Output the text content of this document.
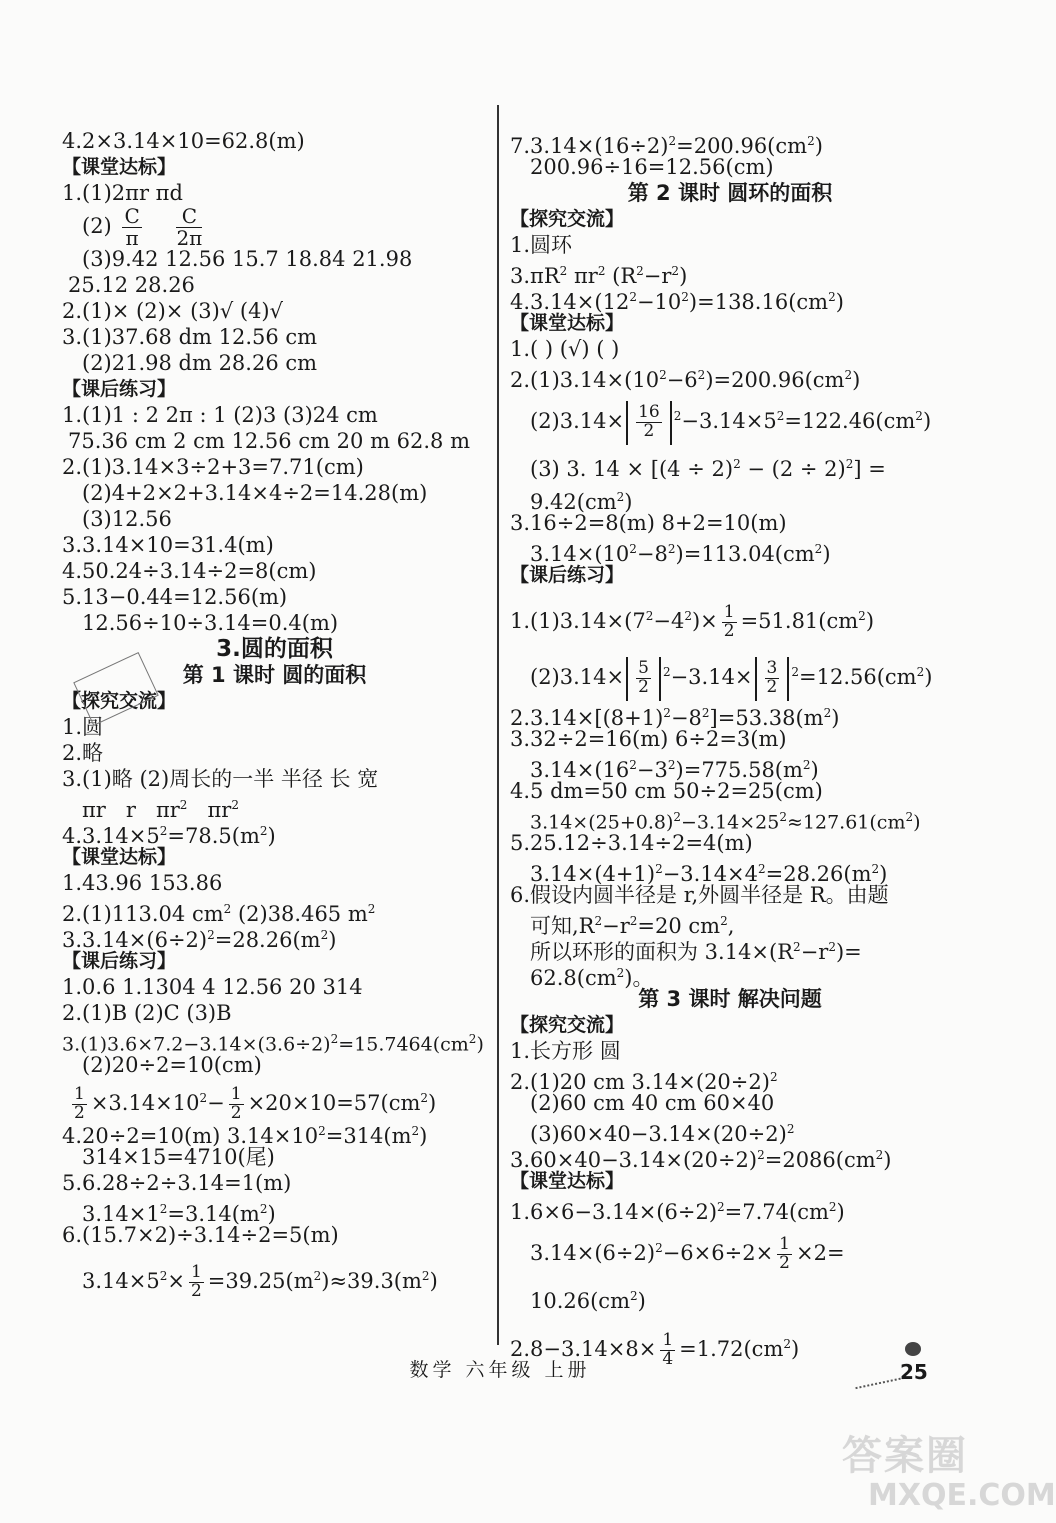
4.2×3.14×10=62.8(m)
【课堂达标】
1.(1)2πr πd
$(2) \frac{C}{\pi}$
$\frac{C}{2\pi}$
(3)9.42 12.56 15.7 18.84 21.98
25.12 28.26
2.(1)× (2)× (3)√ (4)√
3.(1)37.68 dm 12.56 cm
(2)21.98 dm 28.26 cm
【课后练习】
1.(1)1 : 2 2π : 1 (2)3 (3)24 cm
75.36 cm 2 cm 12.56 cm 20 m 62.8 m
2.(1)3.14×3÷2+3=7.71(cm)
(2)4+2×2+3.14×4÷2=14.28(m)
(3)12.56
3.3.14×10=31.4(m)
4.50.24÷3.14÷2=8(cm)
5.13−0.44=12.56(m)
12.56÷10÷3.14=0.4(m)
3.圆的面积
第 1 课时 圆的面积
【探究交流】
1.圆
2.略
3.(1)略 (2)周长的一半 半径 长 宽
πr r $\pi r^2$ $\pi r^2$
$4.3.14\times 5^2=78.5(m^2)$
【课堂达标】
1.43.96 153.86
2.(1)113.04 $cm^2$ (2)38.465 $m^2$
$3.3.14\times(6\div 2)^2=28.26(m^2)$
【课后练习】
1.0.6 1.1304 4 12.56 20 314
2.(1)B (2)C (3)B
$3.(1)3.6\times 7.2-3.14\times(3.6\div 2)^2=15.7464(cm^2)$
(2)20÷2=10(cm)
$\frac{1}{2} \times 3.14\times 10^2- \frac{1}{2} \times 20\times 10=57(cm^2)$
4.20÷2=10(m) $3.14\times 10^2=314(m^2)$
314×15=4710(尾)
5.6.28÷2÷3.14=1(m)
$3.14\times 1^2=3.14(m^2)$
6.(15.7×2)÷3.14÷2=5(m)
$3.14\times 5^2\times \frac{1}{2} =39.25(m^2)\approx 39.3(m^2)$
$7.3.14\times(16\div 2)^2=200.96(cm^2)$
200.96÷16=12.56(cm)
第 2 课时 圆环的面积
【探究交流】
1.圆环
$3.\pi R^2$ $\pi r^2$ $(R^2-r^2)$
$4.3.14\times(12^2-10^2)=138.16(cm^2)$
【课堂达标】
1.( ) (√) ( )
$2.(1)3.14\times(10^2-6^2)=200.96(cm^2)$
$(2)3.14\times \frac{16}{2} ^2-3.14\times 5^2=122.46(cm^2)$
(3) 3. $14 \times [(4 \div 2)^2 - (2 \div 2)^2]$ =
$9.42(cm^2)$
3.16÷2=8(m) 8+2=10(m)
$3.14\times(10^2-8^2)=113.04(cm^2)$
【课后练习】
$1.(1)3.14\times(7^2-4^2)\times \frac{1}{2} =51.81(cm^2)$
$(2)3.14\times \frac{5}{2} ^2-3.14\times \frac{3}{2} ^2=12.56(cm^2)$
$2.3.14\times[(8+1)^2-8^2]=53.38(m^2)$
3.32÷2=16(m) 6÷2=3(m)
$3.14\times(16^2-3^2)=775.58(m^2)$
4.5 dm=50 cm 50÷2=25(cm)
$3.14\times(25+0.8)^2-3.14\times 25^2\approx 127.61(cm^2)$
5.25.12÷3.14÷2=4(m)
$3.14\times(4+1)^2-3.14\times 4^2=28.26(m^2)$
6.假设内圆半径是 r,外圆半径是 R。由题
可知$,R^2-r^2=20$ $cm^2$,
所以环形的面积为 $3.14\times(R^2-r^2)=$
$62.8(cm^2)$。
第 3 课时 解决问题
【探究交流】
1.长方形 圆
2.(1)20 cm $3.14\times(20\div 2)^2$
(2)60 cm 40 cm 60×40
$(3)60\times 40-3.14\times(20\div 2)^2$
$3.60\times 40-3.14\times(20\div 2)^2=2086(cm^2)$
【课堂达标】
$1.6\times 6-3.14\times(6\div 2)^2=7.74(cm^2)$
$3.14\times(6\div 2)^2-6\times 6\div 2\times \frac{1}{2} \times 2=$
$10.26(cm^2)$
$2.8-3.14\times 8\times \frac{1}{4} =1.72(cm^2)$
数学 六年级 上册	25
答案圈
MXQE.COM
